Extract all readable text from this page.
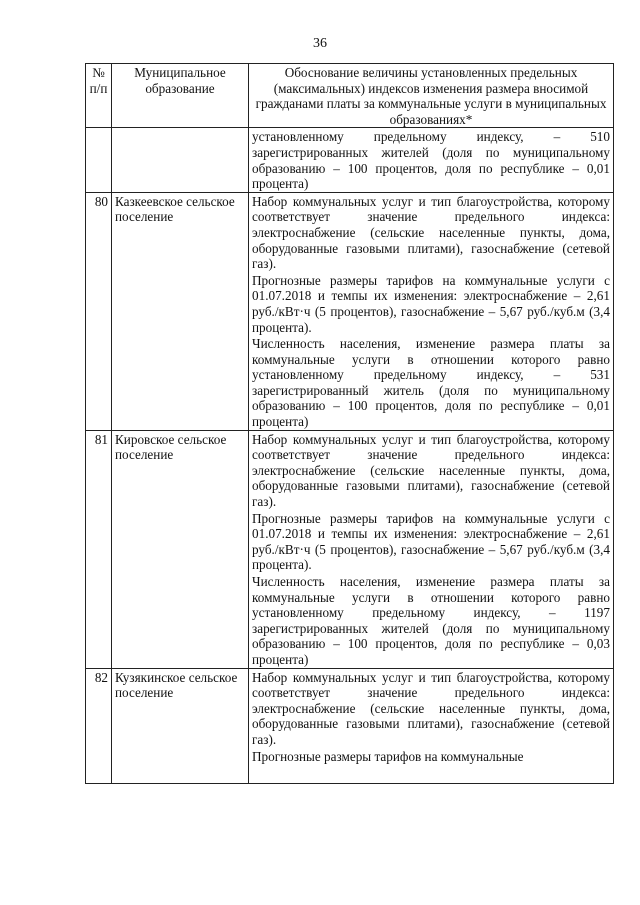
36
№ п/п	Муниципальное образование	Обоснование величины установленных предельных (максимальных) индексов изменения размера вносимой гражданами платы за коммунальные услуги в муниципальных образованиях*

		установленному предельному индексу, – 510 зарегистрированных жителей (доля по муниципальному образованию – 100 процентов, доля по республике – 0,01 процента)

80	Казкеевское сельское поселение	Набор коммунальных услуг и тип благоустройства, которому соответствует значение предельного индекса: электроснабжение (сельские населенные пункты, дома, оборудованные газовыми плитами), газоснабжение (сетевой газ).
Прогнозные размеры тарифов на коммунальные услуги с 01.07.2018 и темпы их изменения: электроснабжение – 2,61 руб./кВт·ч (5 процентов), газоснабжение – 5,67 руб./куб.м (3,4 процента).
Численность населения, изменение размера платы за коммунальные услуги в отношении которого равно установленному предельному индексу, – 531 зарегистрированный житель (доля по муниципальному образованию – 100 процентов, доля по республике – 0,01 процента)

81	Кировское сельское поселение	Набор коммунальных услуг и тип благоустройства, которому соответствует значение предельного индекса: электроснабжение (сельские населенные пункты, дома, оборудованные газовыми плитами), газоснабжение (сетевой газ).
Прогнозные размеры тарифов на коммунальные услуги с 01.07.2018 и темпы их изменения: электроснабжение – 2,61 руб./кВт·ч (5 процентов), газоснабжение – 5,67 руб./куб.м (3,4 процента).
Численность населения, изменение размера платы за коммунальные услуги в отношении которого равно установленному предельному индексу, – 1197 зарегистрированных жителей (доля по муниципальному образованию – 100 процентов, доля по республике – 0,03 процента)

82	Кузякинское сельское поселение	Набор коммунальных услуг и тип благоустройства, которому соответствует значение предельного индекса: электроснабжение (сельские населенные пункты, дома, оборудованные газовыми плитами), газоснабжение (сетевой газ).
Прогнозные размеры тарифов на коммунальные
